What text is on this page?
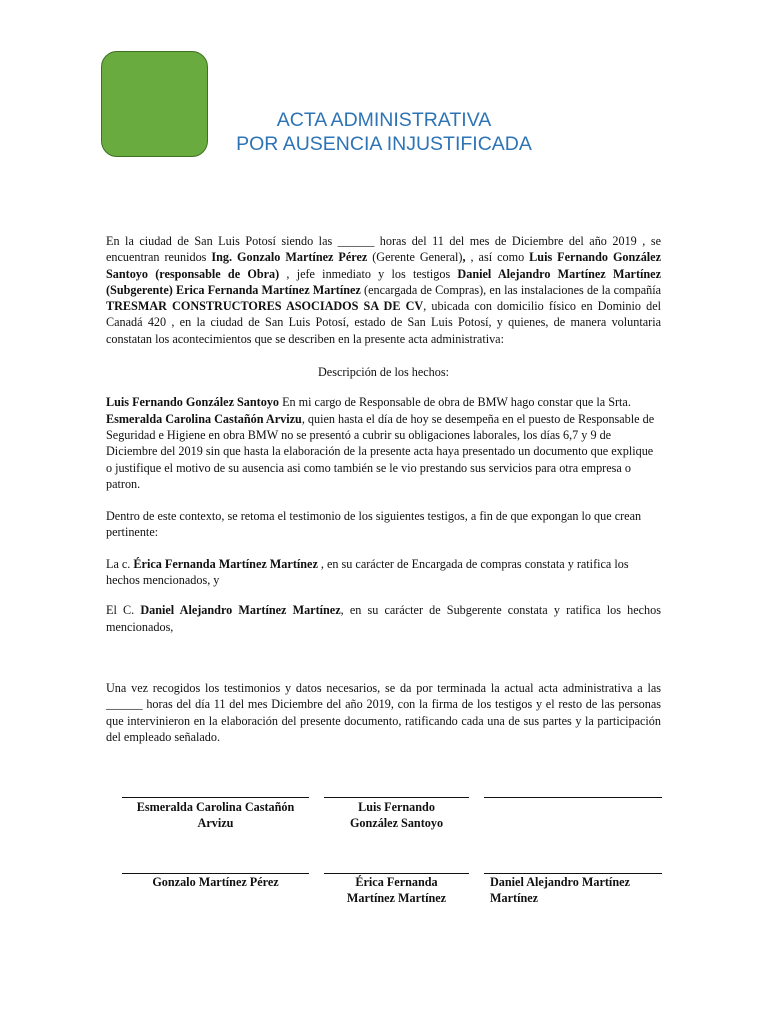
ACTA ADMINISTRATIVA
POR AUSENCIA INJUSTIFICADA

En la ciudad de San Luis Potosí siendo las ______ horas del 11 del mes de Diciembre del año 2019 , se encuentran reunidos Ing. Gonzalo Martínez Pérez (Gerente General), , así como Luis Fernando González Santoyo (responsable de Obra) , jefe inmediato y los testigos Daniel Alejandro Martínez Martínez (Subgerente) Erica Fernanda Martínez Martínez (encargada de Compras), en las instalaciones de la compañía TRESMAR CONSTRUCTORES ASOCIADOS SA DE CV, ubicada con domicilio físico en Dominio del Canadá 420 , en la ciudad de San Luis Potosí, estado de San Luis Potosí, y quienes, de manera voluntaria constatan los acontecimientos que se describen en la presente acta administrativa:

Descripción de los hechos:

Luis Fernando González Santoyo En mi cargo de Responsable de obra de BMW hago constar que la Srta. Esmeralda Carolina Castañón Arvizu, quien hasta el día de hoy se desempeña en el puesto de Responsable de Seguridad e Higiene en obra BMW no se presentó a cubrir su obligaciones laborales, los días 6,7 y 9 de Diciembre del 2019 sin que hasta la elaboración de la presente acta haya presentado un documento que explique o justifique el motivo de su ausencia asi como también se le vio prestando sus servicios para otra empresa o patron.

Dentro de este contexto, se retoma el testimonio de los siguientes testigos, a fin de que expongan lo que crean pertinente:

La c. Érica Fernanda Martínez Martínez , en su carácter de Encargada de compras constata y ratifica los hechos mencionados, y

El C. Daniel Alejandro Martínez Martínez, en su carácter de Subgerente constata y ratifica los hechos mencionados,

Una vez recogidos los testimonios y datos necesarios, se da por terminada la actual acta administrativa a las ______ horas del día 11 del mes Diciembre del año 2019, con la firma de los testigos y el resto de las personas que intervinieron en la elaboración del presente documento, ratificando cada una de sus partes y la participación del empleado señalado.

Esmeralda Carolina Castañón
Arvizu
Luis Fernando
González Santoyo
Gonzalo Martínez Pérez	Érica Fernanda
Martínez Martínez
Daniel Alejandro Martínez
Martínez
